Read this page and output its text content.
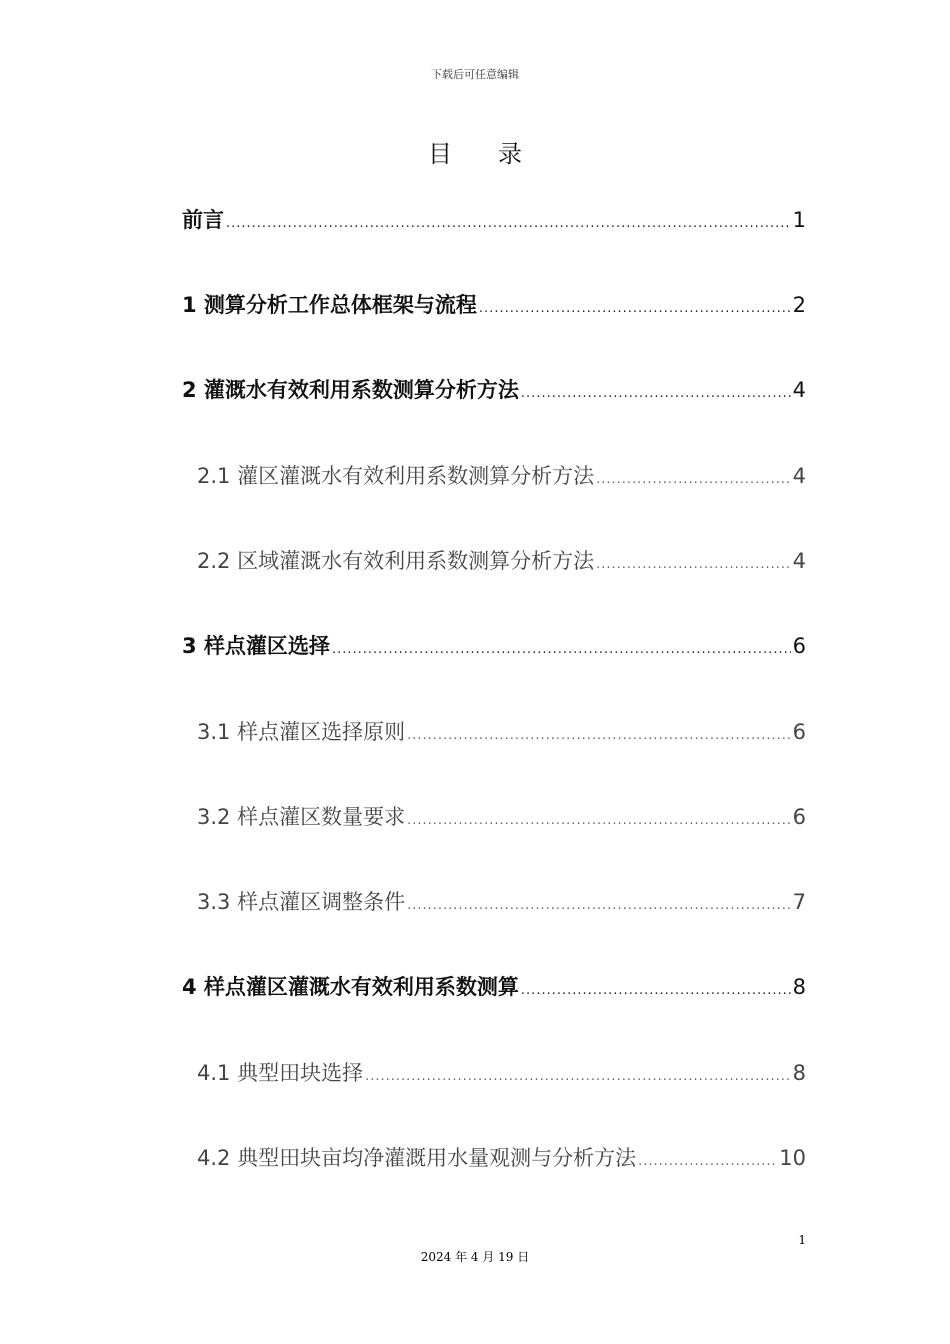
下载后可任意编辑
目录
前言 .....	1
1 测算分析工作总体框架与流程 .....	2
2 灌溉水有效利用系数测算分析方法 .....	4
2.1 灌区灌溉水有效利用系数测算分析方法 .....	4
2.2 区域灌溉水有效利用系数测算分析方法 .....	4
3 样点灌区选择 .....	6
3.1 样点灌区选择原则 .....	6
3.2 样点灌区数量要求 .....	6
3.3 样点灌区调整条件 .....	7
4 样点灌区灌溉水有效利用系数测算 .....	8
4.1 典型田块选择 .....	8
4.2 典型田块亩均净灌溉用水量观测与分析方法 .....	10
1
2024 年 4 月 19 日
